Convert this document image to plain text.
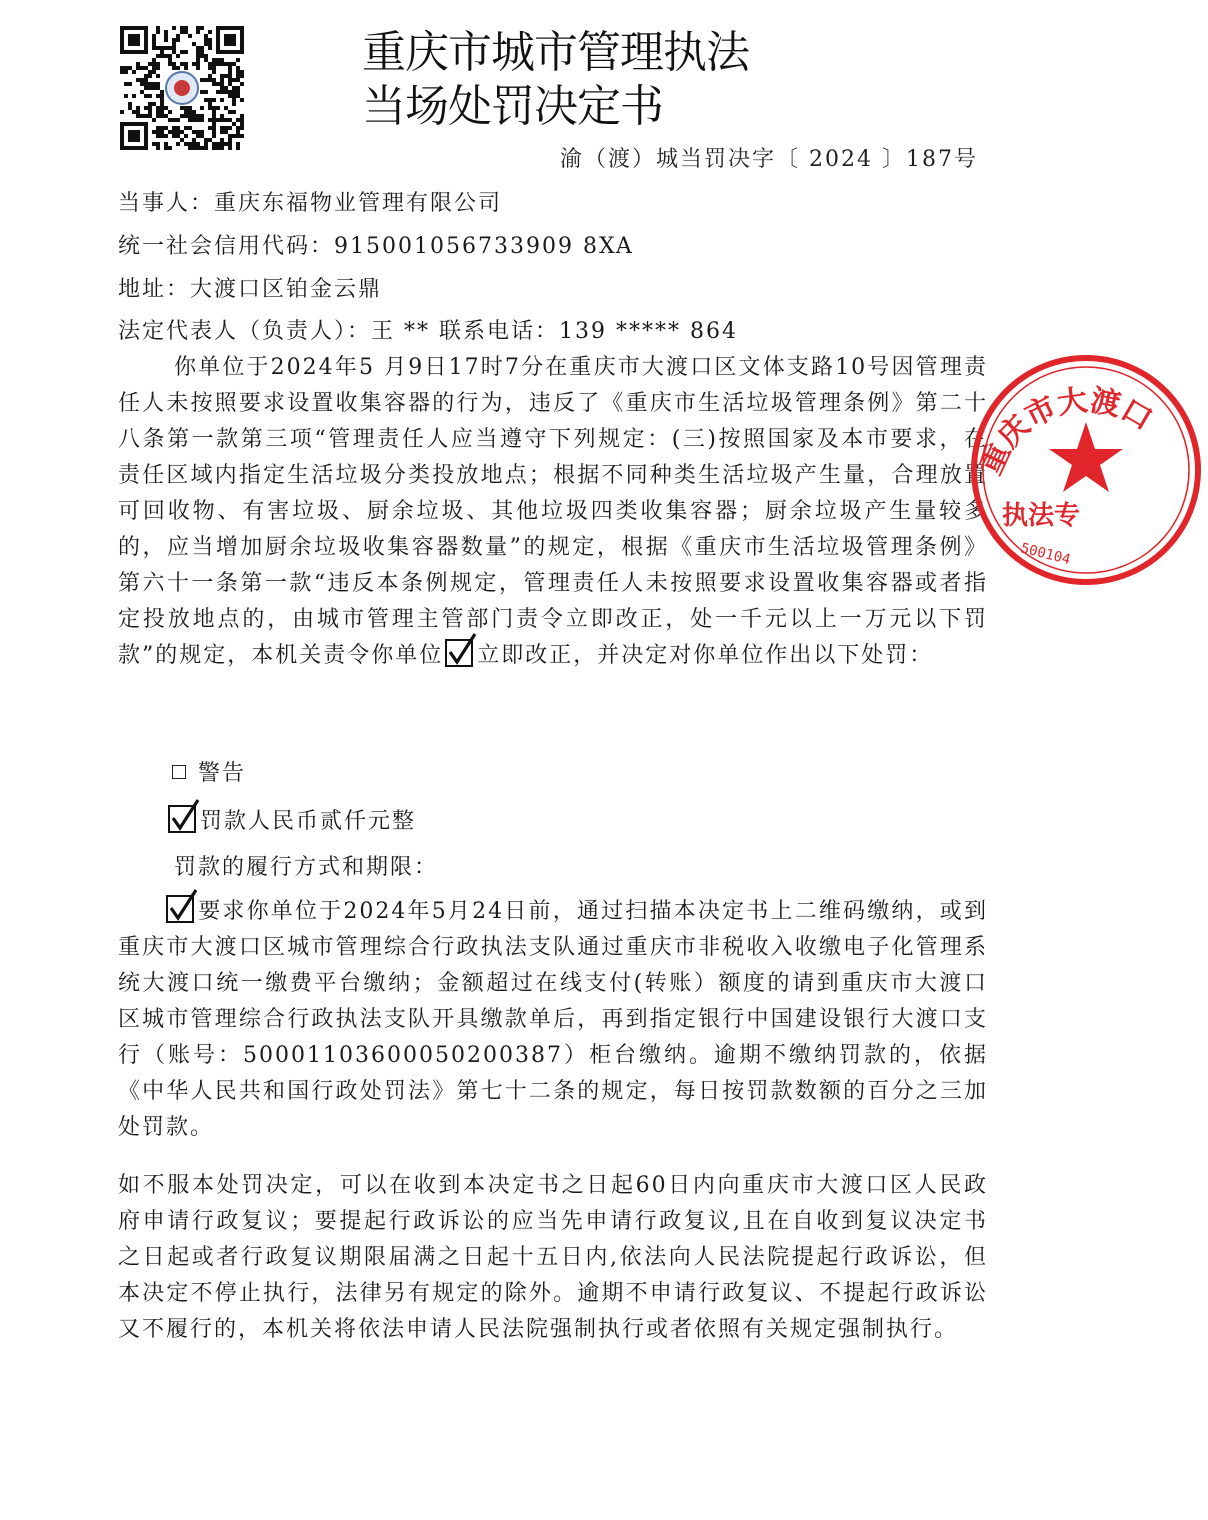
重庆市城市管理执法
当场处罚决定书
渝（渡）城当罚决字〔 2024 〕187号
当事人：重庆东福物业管理有限公司
统一社会信用代码：915001056733909 8XA
地址：大渡口区铂金云鼎
法定代表人（负责人）：王 ** 联系电话：139 ***** 864
你单位于2024年5 月9日17时7分在重庆市大渡口区文体支路10号因管理责任人未按照要求设置收集容器的行为，违反了《重庆市生活垃圾管理条例》第二十八条第一款第三项“管理责任人应当遵守下列规定：(三)按照国家及本市要求，在责任区域内指定生活垃圾分类投放地点；根据不同种类生活垃圾产生量，合理放置可回收物、有害垃圾、厨余垃圾、其他垃圾四类收集容器；厨余垃圾产生量较多的，应当增加厨余垃圾收集容器数量”的规定，根据《重庆市生活垃圾管理条例》第六十一条第一款“违反本条例规定，管理责任人未按照要求设置收集容器或者指定投放地点的，由城市管理主管部门责令立即改正，处一千元以上一万元以下罚款”的规定，本机关责令你单位 立即改正，并决定对你单位作出以下处罚：
警告
罚款人民币贰仟元整
罚款的履行方式和期限：
要求你单位于2024年5月24日前，通过扫描本决定书上二维码缴纳，或到重庆市大渡口区城市管理综合行政执法支队通过重庆市非税收入收缴电子化管理系统大渡口统一缴费平台缴纳；金额超过在线支付(转账）额度的请到重庆市大渡口区城市管理综合行政执法支队开具缴款单后，再到指定银行中国建设银行大渡口支行（账号：50001103600050200387）柜台缴纳。逾期不缴纳罚款的，依据《中华人民共和国行政处罚法》第七十二条的规定，每日按罚款数额的百分之三加处罚款。
如不服本处罚决定，可以在收到本决定书之日起60日内向重庆市大渡口区人民政府申请行政复议；要提起行政诉讼的应当先申请行政复议,且在自收到复议决定书之日起或者行政复议期限届满之日起十五日内,依法向人民法院提起行政诉讼，但本决定不停止执行，法律另有规定的除外。逾期不申请行政复议、不提起行政诉讼又不履行的，本机关将依法申请人民法院强制执行或者依照有关规定强制执行。
重庆市大渡口
执法专
500104
